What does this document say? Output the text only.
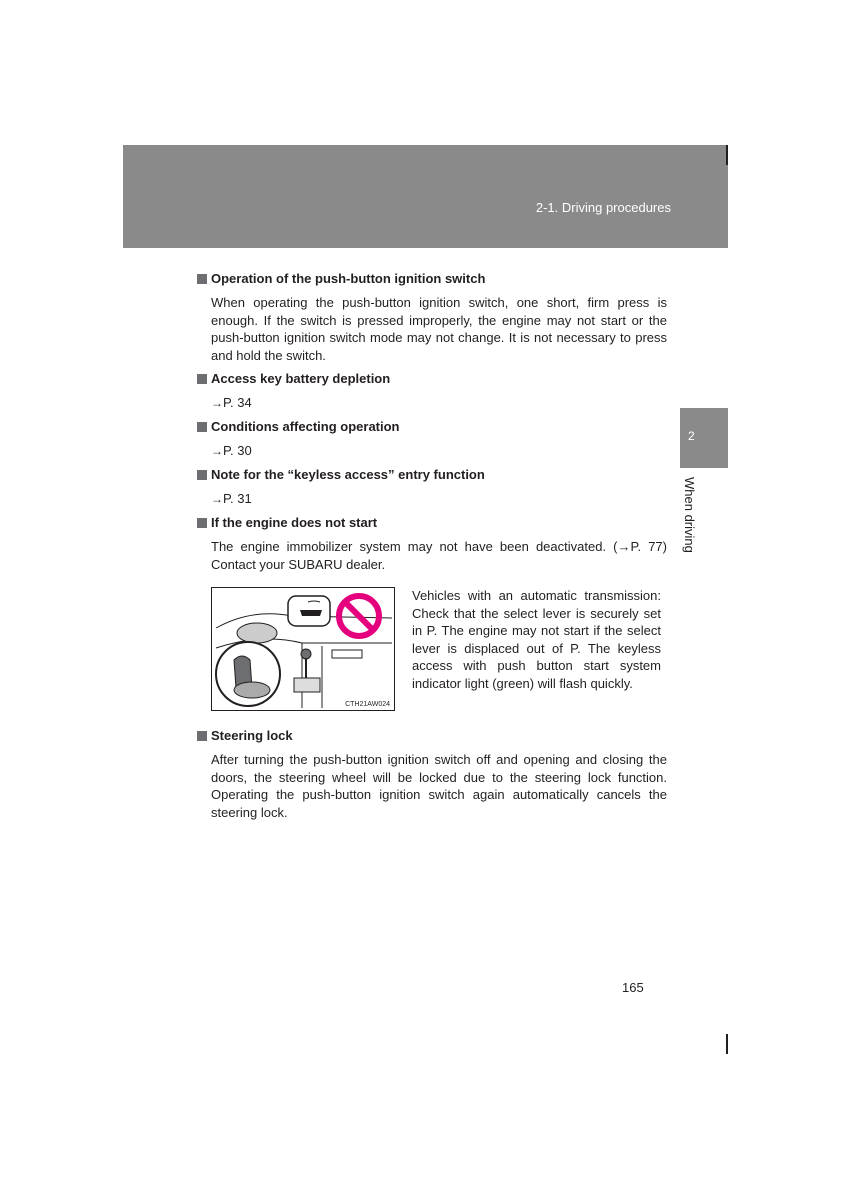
2-1. Driving procedures
2
When driving
Operation of the push-button ignition switch

When operating the push-button ignition switch, one short, firm press is enough. If the switch is pressed improperly, the engine may not start or the push-button ignition switch mode may not change. It is not necessary to press and hold the switch.

Access key battery depletion

→P. 34

Conditions affecting operation

→P. 30

Note for the “keyless access” entry function

→P. 31

If the engine does not start

The engine immobilizer system may not have been deactivated. (→P. 77) Contact your SUBARU dealer.

CTH21AW024
Vehicles with an automatic transmission: Check that the select lever is securely set in P. The engine may not start if the select lever is displaced out of P. The keyless access with push button start system indicator light (green) will flash quickly.
Steering lock

After turning the push-button ignition switch off and opening and closing the doors, the steering wheel will be locked due to the steering lock function. Operating the push-button ignition switch again automatically cancels the steering lock.

165
